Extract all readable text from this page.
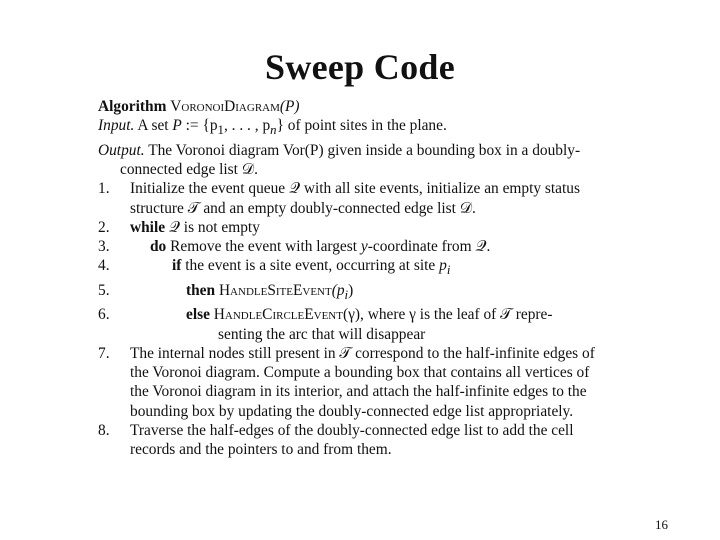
Sweep Code
Algorithm VoronoiDiagram(P)
Input. A set P := {$p_1$, . . . , $p_n$} of point sites in the plane.
Output. The Voronoi diagram Vor(P) given inside a bounding box in a doubly-
connected edge list 𝒟.
1.	Initialize the event queue 𝒬 with all site events, initialize an empty status
structure 𝒯 and an empty doubly-connected edge list 𝒟.
2.	while 𝒬 is not empty
3.	do Remove the event with largest y-coordinate from 𝒬.
4.	if the event is a site event, occurring at site $p_i$
5.	then $HandleSiteEvent(p_i)$
6.	else HandleCircleEvent(γ), where γ is the leaf of 𝒯 repre-
senting the arc that will disappear
7.	The internal nodes still present in 𝒯 correspond to the half-infinite edges of
the Voronoi diagram. Compute a bounding box that contains all vertices of
the Voronoi diagram in its interior, and attach the half-infinite edges to the
bounding box by updating the doubly-connected edge list appropriately.
8.	Traverse the half-edges of the doubly-connected edge list to add the cell
records and the pointers to and from them.
16
